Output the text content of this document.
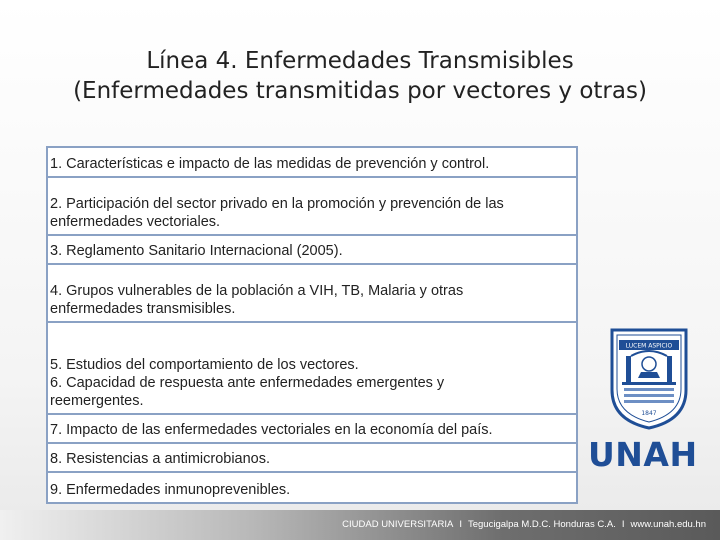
Línea 4. Enfermedades Transmisibles
(Enfermedades transmitidas por vectores y otras)
1. Características e impacto de las medidas de prevención y control.
2. Participación del sector privado en la promoción y prevención de las
enfermedades vectoriales.
3. Reglamento Sanitario Internacional (2005).
4. Grupos vulnerables de la población a VIH, TB, Malaria y otras
enfermedades transmisibles.
5. Estudios del comportamiento de los vectores.
6. Capacidad de respuesta ante enfermedades emergentes y
reemergentes.
7. Impacto de las enfermedades vectoriales en la economía del país.
8. Resistencias a antimicrobianos.
9. Enfermedades inmunoprevenibles.
LUCEM ASPICIO
1847
UNAH
CIUDAD UNIVERSITARIA I Tegucigalpa M.D.C. Honduras C.A. I www.unah.edu.hn
